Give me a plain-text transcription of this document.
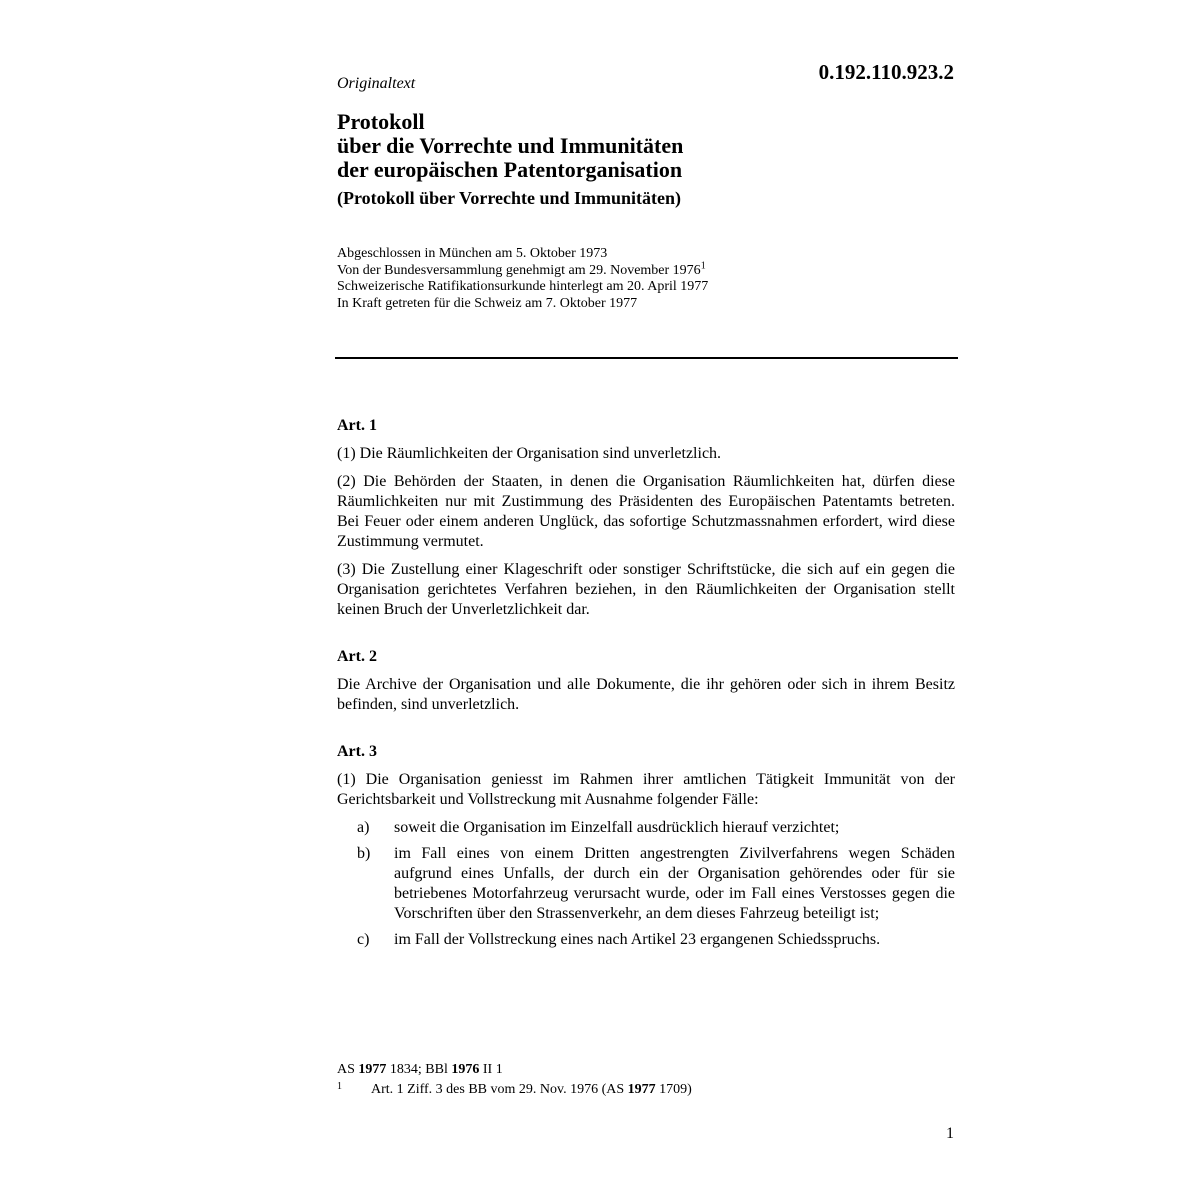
0.192.110.923.2

Originaltext

Protokoll
über die Vorrechte und Immunitäten
der europäischen Patentorganisation
(Protokoll über Vorrechte und Immunitäten)
Abgeschlossen in München am 5. Oktober 1973
Von der Bundesversammlung genehmigt am 29. November 1976$^1$
Schweizerische Ratifikationsurkunde hinterlegt am 20. April 1977
In Kraft getreten für die Schweiz am 7. Oktober 1977

Art. 1

(1) Die Räumlichkeiten der Organisation sind unverletzlich.

(2) Die Behörden der Staaten, in denen die Organisation Räumlichkeiten hat, dürfen diese Räumlichkeiten nur mit Zustimmung des Präsidenten des Europäischen Patentamts betreten. Bei Feuer oder einem anderen Unglück, das sofortige Schutzmassnahmen erfordert, wird diese Zustimmung vermutet.

(3) Die Zustellung einer Klageschrift oder sonstiger Schriftstücke, die sich auf ein gegen die Organisation gerichtetes Verfahren beziehen, in den Räumlichkeiten der Organisation stellt keinen Bruch der Unverletzlichkeit dar.

Art. 2

Die Archive der Organisation und alle Dokumente, die ihr gehören oder sich in ihrem Besitz befinden, sind unverletzlich.

Art. 3

(1) Die Organisation geniesst im Rahmen ihrer amtlichen Tätigkeit Immunität von der Gerichtsbarkeit und Vollstreckung mit Ausnahme folgender Fälle:

a)	soweit die Organisation im Einzelfall ausdrücklich hierauf verzichtet;
b)	im Fall eines von einem Dritten angestrengten Zivilverfahrens wegen Schäden aufgrund eines Unfalls, der durch ein der Organisation gehörendes oder für sie betriebenes Motorfahrzeug verursacht wurde, oder im Fall eines Verstosses gegen die Vorschriften über den Strassenverkehr, an dem dieses Fahrzeug beteiligt ist;
c)	im Fall der Vollstreckung eines nach Artikel 23 ergangenen Schiedsspruchs.
AS 1977 1834; BBl 1976 II 1
1	Art. 1 Ziff. 3 des BB vom 29. Nov. 1976 (AS 1977 1709)
1
